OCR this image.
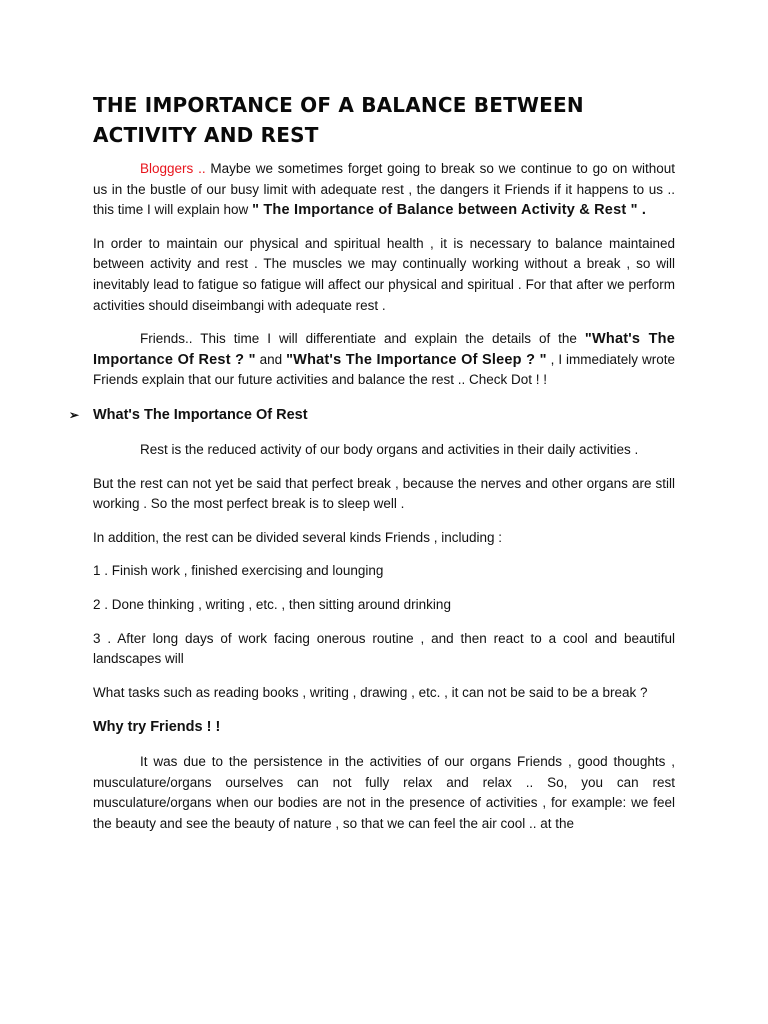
THE IMPORTANCE OF A BALANCE BETWEEN ACTIVITY AND REST

Bloggers .. Maybe we sometimes forget going to break so we continue to go on without us in the bustle of our busy limit with adequate rest , the dangers it Friends if it happens to us .. this time I will explain how " The Importance of Balance between Activity & Rest " .

In order to maintain our physical and spiritual health , it is necessary to balance maintained between activity and rest . The muscles we may continually working without a break , so will inevitably lead to fatigue so fatigue will affect our physical and spiritual . For that after we perform activities should diseimbangi with adequate rest .

Friends.. This time I will differentiate and explain the details of the "What's The Importance Of Rest ? " and "What's The Importance Of Sleep ? " , I immediately wrote Friends explain that our future activities and balance the rest .. Check Dot ! !

➢ What's The Importance Of Rest

Rest is the reduced activity of our body organs and activities in their daily activities .

But the rest can not yet be said that perfect break , because the nerves and other organs are still working . So the most perfect break is to sleep well .

In addition, the rest can be divided several kinds Friends , including :

1 . Finish work , finished exercising and lounging

2 . Done thinking , writing , etc. , then sitting around drinking

3 . After long days of work facing onerous routine , and then react to a cool and beautiful landscapes will

What tasks such as reading books , writing , drawing , etc. , it can not be said to be a break ?

Why try Friends ! !

It was due to the persistence in the activities of our organs Friends , good thoughts , musculature/organs ourselves can not fully relax and relax .. So, you can rest musculature/organs when our bodies are not in the presence of activities , for example: we feel the beauty and see the beauty of nature , so that we can feel the air cool .. at the
